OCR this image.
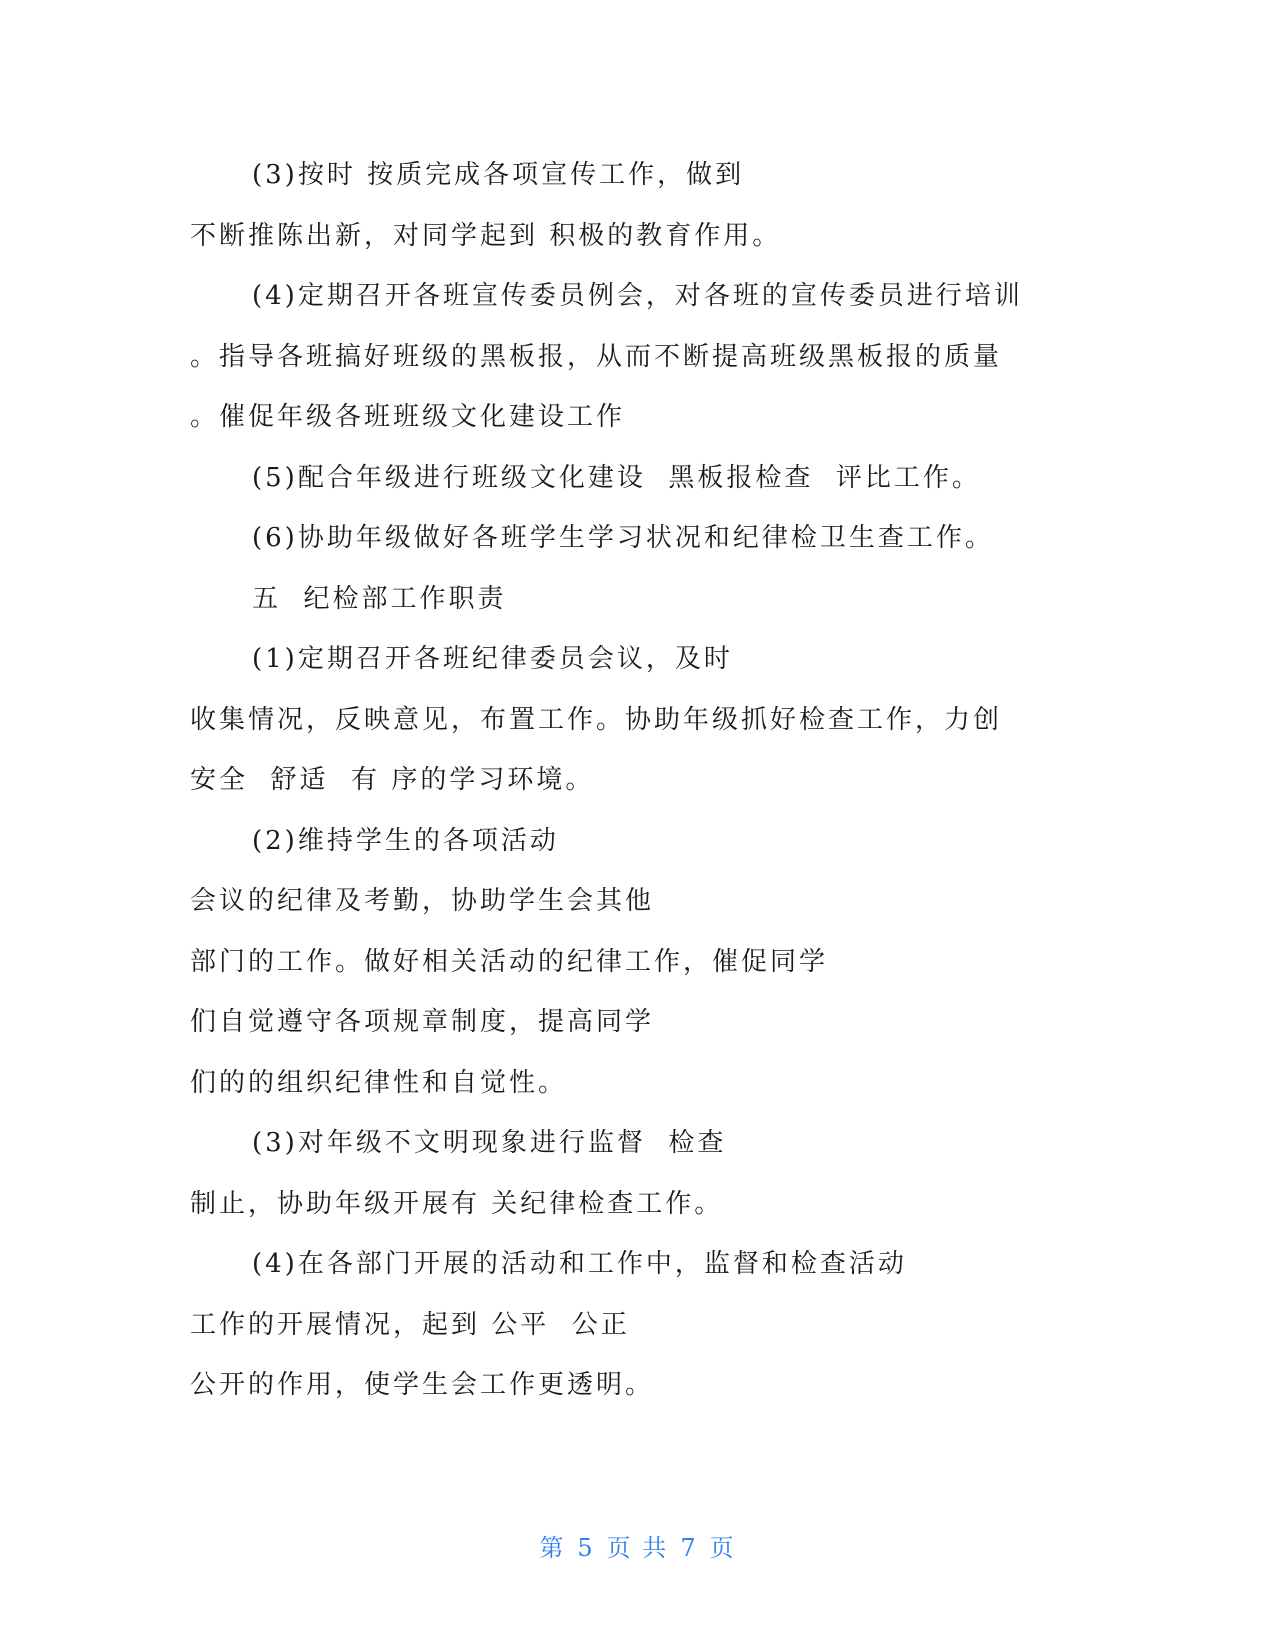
(3)按时 按质完成各项宣传工作，做到
不断推陈出新，对同学起到 积极的教育作用。
(4)定期召开各班宣传委员例会，对各班的宣传委员进行培训
。指导各班搞好班级的黑板报，从而不断提高班级黑板报的质量
。催促年级各班班级文化建设工作
(5)配合年级进行班级文化建设  黑板报检查  评比工作。
(6)协助年级做好各班学生学习状况和纪律检卫生查工作。
五  纪检部工作职责
(1)定期召开各班纪律委员会议，及时
收集情况，反映意见，布置工作。协助年级抓好检查工作，力创
安全  舒适  有 序的学习环境。
(2)维持学生的各项活动
会议的纪律及考勤，协助学生会其他
部门的工作。做好相关活动的纪律工作，催促同学
们自觉遵守各项规章制度，提高同学
们的的组织纪律性和自觉性。
(3)对年级不文明现象进行监督  检查
制止，协助年级开展有 关纪律检查工作。
(4)在各部门开展的活动和工作中，监督和检查活动
工作的开展情况，起到 公平  公正
公开的作用，使学生会工作更透明。
第 5 页 共 7 页
